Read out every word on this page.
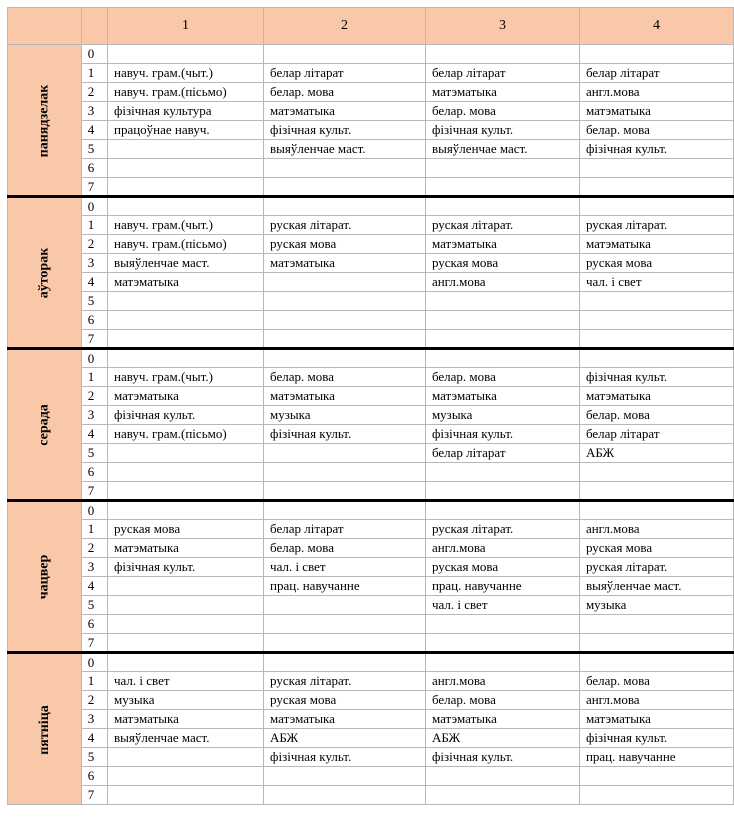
		1	2	3	4
панядзелак	0				
	1	навуч. грам.(чыт.)	белар літарат	белар літарат	белар літарат
	2	навуч. грам.(пісьмо)	белар. мова	матэматыка	англ.мова
	3	фізічная культура	матэматыка	белар. мова	матэматыка
	4	працоўнае навуч.	фізічная культ.	фізічная культ.	белар. мова
	5		выяўленчае маст.	выяўленчае маст.	фізічная культ.
	6				
	7				
аўторак	0				
	1	навуч. грам.(чыт.)	руская літарат.	руская літарат.	руская літарат.
	2	навуч. грам.(пісьмо)	руская мова	матэматыка	матэматыка
	3	выяўленчае маст.	матэматыка	руская мова	руская мова
	4	матэматыка		англ.мова	чал. і свет
	5				
	6				
	7				
серада	0				
	1	навуч. грам.(чыт.)	белар. мова	белар. мова	фізічная культ.
	2	матэматыка	матэматыка	матэматыка	матэматыка
	3	фізічная культ.	музыка	музыка	белар. мова
	4	навуч. грам.(пісьмо)	фізічная культ.	фізічная культ.	белар літарат
	5			белар літарат	АБЖ
	6				
	7				
чацвер	0				
	1	руская мова	белар літарат	руская літарат.	англ.мова
	2	матэматыка	белар. мова	англ.мова	руская мова
	3	фізічная культ.	чал. і свет	руская мова	руская літарат.
	4		прац. навучанне	прац. навучанне	выяўленчае маст.
	5			чал. і свет	музыка
	6				
	7				
пятніца	0				
	1	чал. і свет	руская літарат.	англ.мова	белар. мова
	2	музыка	руская мова	белар. мова	англ.мова
	3	матэматыка	матэматыка	матэматыка	матэматыка
	4	выяўленчае маст.	АБЖ	АБЖ	фізічная культ.
	5		фізічная культ.	фізічная культ.	прац. навучанне
	6				
	7				
